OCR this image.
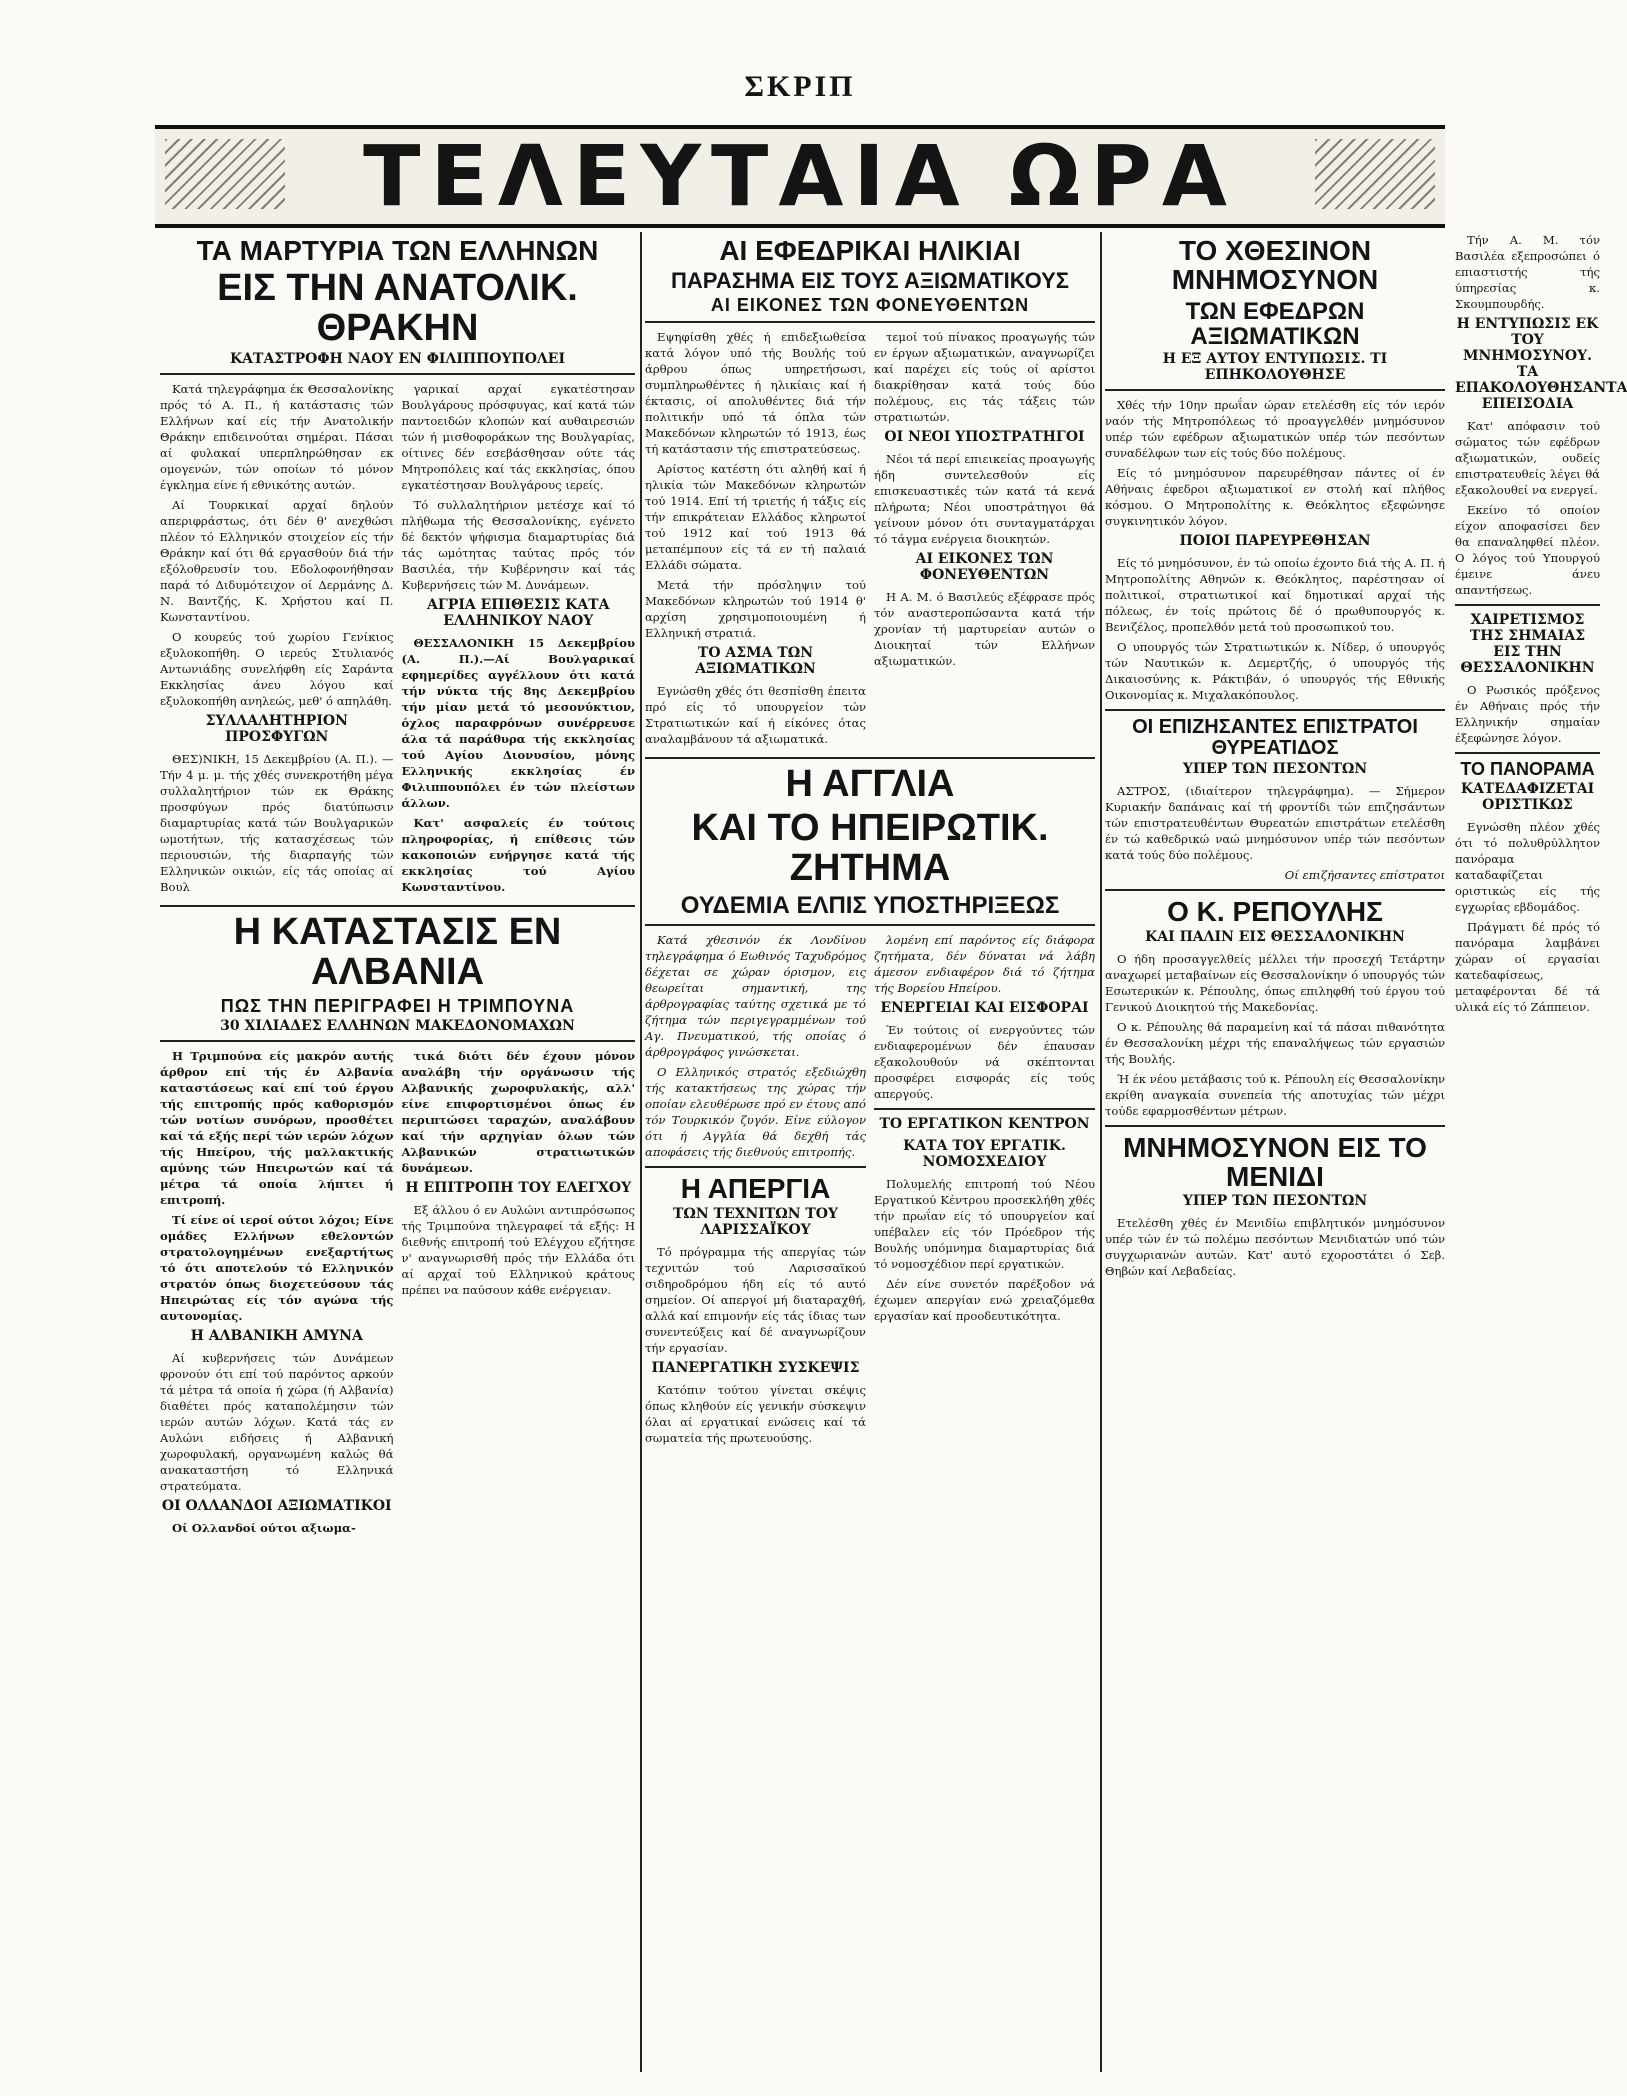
ΣΚΡΙΠ
ΤΕΛΕΥΤΑΙΑ ΩΡΑ
ΤΑ ΜΑΡΤΥΡΙΑ ΤΩΝ ΕΛΛΗΝΩΝ
ΕΙΣ ΤΗΝ ΑΝΑΤΟΛΙΚ. ΘΡΑΚΗΝ
ΚΑΤΑΣΤΡΟΦΗ ΝΑΟΥ ΕΝ ΦΙΛΙΠΠΟΥΠΟΛΕΙ

Κατά τηλεγράφημα έκ Θεσσαλονίκης πρός τό Α. Π., ή κατάστασις τών Ελλήνων καί είς τήν Ανατολικήν Θράκην επιδεινούται σημέραι. Πάσαι αί φυλακαί υπερπληρώθησαν εκ ομογενών, τών οποίων τό μόνον έγκλημα είνε ή εθνικότης αυτών.

Αί Τουρκικαί αρχαί δηλούν απεριφράστως, ότι δέν θ' ανεχθώσι πλέον τό Ελληνικόν στοιχείον είς τήν Θράκην καί ότι θά εργασθούν διά τήν εξόλοθρευσίν του. Εδολοφονήθησαν παρά τό Διδυμότειχον οί Δερμάνης Δ. Ν. Βαντζής, Κ. Χρήστου καί Π. Κωνσταντίνου.

Ο κουρεύς τού χωρίου Γενίκιος εξυλοκοπήθη. Ο ιερεύς Στυλιανός Αντωνιάδης συνελήφθη είς Σαράντα Εκκλησίας άνευ λόγου καί εξυλοκοπήθη ανηλεώς, μεθ' ό απηλάθη.

ΣΥΛΛΑΛΗΤΗΡΙΟΝ ΠΡΟΣΦΥΓΩΝ

ΘΕΣ)ΝΙΚΗ, 15 Δεκεμβρίου (Α. Π.). — Τήν 4 μ. μ. τής χθές συνεκροτήθη μέγα συλλαλητήριον τών εκ Θράκης προσφύγων πρός διατύπωσιν διαμαρτυρίας κατά τών Βουλγαρικών ωμοτήτων, τής κατασχέσεως τών περιουσιών, τής διαρπαγής τών Ελληνικών οικιών, είς τάς οποίας αί Βουλ

γαρικαί αρχαί εγκατέστησαν Βουλγάρους πρόσφυγας, καί κατά τών παντοειδών κλοπών καί αυθαιρεσιών τών ή μισθοφοράκων της Βουλγαρίας, οίτινες δέν εσεβάσθησαν ούτε τάς Μητροπόλεις καί τάς εκκλησίας, όπου εγκατέστησαν Βουλγάρους ιερείς.

Τό συλλαλητήριον μετέσχε καί τό πλήθωμα τής Θεσσαλονίκης, εγένετο δέ δεκτόν ψήφισμα διαμαρτυρίας διά τάς ωμότητας ταύτας πρός τόν Βασιλέα, τήν Κυβέρνησιν καί τάς Κυβερνήσεις τών Μ. Δυνάμεων.

ΑΓΡΙΑ ΕΠΙΘΕΣΙΣ ΚΑΤΑ ΕΛΛΗΝΙΚΟΥ ΝΑΟΥ

ΘΕΣΣΑΛΟΝΙΚΗ 15 Δεκεμβρίου (Α. Π.).—Αί Βουλγαρικαί εφημερίδες αγγέλλουν ότι κατά τήν νύκτα τής 8ης Δεκεμβρίου τήν μίαν μετά τό μεσονύκτιον, όχλος παραφρόνων συνέρρευσε άλα τά παράθυρα τής εκκλησίας τού Αγίου Διονυσίου, μόνης Ελληνικής εκκλησίας έν Φιλιππουπόλει έν τών πλείστων άλλων.

Κατ' ασφαλείς έν τούτοις πληροφορίας, ή επίθεσις τών κακοποιών ενήργησε κατά τής εκκλησίας τού Αγίου Κωνσταντίνου.

Η ΚΑΤΑΣΤΑΣΙΣ ΕΝ ΑΛΒΑΝΙΑ
ΠΩΣ ΤΗΝ ΠΕΡΙΓΡΑΦΕΙ Η ΤΡΙΜΠΟΥΝΑ
30 ΧΙΛΙΑΔΕΣ ΕΛΛΗΝΩΝ ΜΑΚΕΔΟΝΟΜΑΧΩΝ

Η Τριμπούνα είς μακρόν αυτής άρθρον επί τής έν Αλβανία καταστάσεως καί επί τού έργου τής επιτροπής πρός καθορισμόν τών νοτίων συνόρων, προσθέτει καί τά εξής περί τών ιερών λόχων τής Ηπείρου, τής μαλλακτικής αμύνης τών Ηπειρωτών καί τά μέτρα τά οποία λήπτει ή επιτροπή.

Τί είνε οί ιεροί ούτοι λόχοι; Είνε ομάδες Ελλήνων εθελοντών στρατολογημένων ενεξαρτήτως τό ότι αποτελούν τό Ελληνικόν στρατόν όπως διοχετεύσουν τάς Ηπειρώτας είς τόν αγώνα τής αυτονομίας.

Η ΑΛΒΑΝΙΚΗ ΑΜΥΝΑ

Αί κυβερνήσεις τών Δυνάμεων φρονούν ότι επί τού παρόντος αρκούν τά μέτρα τά οποία ή χώρα (ή Αλβανία) διαθέτει πρός καταπολέμησιν τών ιερών αυτών λόχων. Κατά τάς εν Αυλώνι ειδήσεις ή Αλβανική χωροφυλακή, οργανωμένη καλώς θά ανακαταστήση τό Ελληνικά στρατεύματα.

ΟΙ ΟΛΛΑΝΔΟΙ ΑΞΙΩΜΑΤΙΚΟΙ

Οί Ολλανδοί ούτοι αξιωμα-

τικά διότι δέν έχουν μόνον αναλάβη τήν οργάνωσιν τής Αλβανικής χωροφυλακής, αλλ' είνε επιφορτισμένοι όπως έν περιπτώσει ταραχών, αναλάβουν καί τήν αρχηγίαν όλων τών Αλβανικών στρατιωτικών δυνάμεων.

Η ΕΠΙΤΡΟΠΗ ΤΟΥ ΕΛΕΓΧΟΥ

Εξ άλλου ό εν Αυλώνι αντιπρόσωπος τής Τριμπούνα τηλεγραφεί τά εξής: Η διεθνής επιτροπή τού Ελέγχου εζήτησε ν' αναγνωρισθή πρός τήν Ελλάδα ότι αί αρχαί τού Ελληνικού κράτους πρέπει να παύσουν κάθε ενέργειαν.

ΑΙ ΕΦΕΔΡΙΚΑΙ ΗΛΙΚΙΑΙ
ΠΑΡΑΣΗΜΑ ΕΙΣ ΤΟΥΣ ΑΞΙΩΜΑΤΙΚΟΥΣ
ΑΙ ΕΙΚΟΝΕΣ ΤΩΝ ΦΟΝΕΥΘΕΝΤΩΝ

Εψηφίσθη χθές ή επιδεξιωθείσα κατά λόγον υπό τής Βουλής τού άρθρου όπως υπηρετήσωσι, συμπληρωθέντες ή ηλικίαις καί ή έκτασις, οί απολυθέντες διά τήν πολιτικήν υπό τά όπλα τών Μακεδόνων κληρωτών τό 1913, έως τή κατάστασιν τής επιστρατεύσεως.

Αρίστος κατέστη ότι αληθή καί ή ηλικία τών Μακεδόνων κληρωτών τού 1914. Επί τή τριετής ή τάξις είς τήν επικράτειαν Ελλάδος κληρωτοί τού 1912 καί τού 1913 θά μεταπέμπουν είς τά εν τή παλαιά Ελλάδι σώματα.

Μετά τήν πρόσληψιν τού Μακεδόνων κληρωτών τού 1914 θ' αρχίση χρησιμοποιουμένη ή Ελληνική στρατιά.

ΤΟ ΑΣΜΑ ΤΩΝ ΑΞΙΩΜΑΤΙΚΩΝ

Εγνώσθη χθές ότι θεσπίσθη έπειτα πρό είς τό υπουργείον τών Στρατιωτικών καί ή είκόνες ότας αναλαμβάνουν τά αξιωματικά.

τεμοί τού πίνακος προαγωγής τών εν έργων αξιωματικών, αναγνωρίζει καί παρέχει είς τούς οί αρίστοι διακρίθησαν κατά τούς δύο πολέμους, εις τάς τάξεις τών στρατιωτών.

ΟΙ ΝΕΟΙ ΥΠΟΣΤΡΑΤΗΓΟΙ

Νέοι τά περί επιεικείας προαγωγής ήδη συντελεσθούν είς επισκευαστικές τών κατά τά κενά πλήρωτα; Νέοι υποστράτηγοι θά γείνουν μόνον ότι συνταγματάρχαι τό τάγμα ενέργεια διοικητών.

ΑΙ ΕΙΚΟΝΕΣ ΤΩΝ ΦΟΝΕΥΘΕΝΤΩΝ

Η Α. Μ. ό Βασιλεύς εξέφρασε πρός τόν αναστεροπώσαντα κατά τήν χρονίαν τή μαρτυρείαν αυτών ο Διοικηταί τών Ελλήνων αξιωματικών.

Η ΑΓΓΛΙΑ
ΚΑΙ ΤΟ ΗΠΕΙΡΩΤΙΚ. ΖΗΤΗΜΑ
ΟΥΔΕΜΙΑ ΕΛΠΙΣ ΥΠΟΣΤΗΡΙΞΕΩΣ

Κατά χθεσινόν έκ Λονδίνου τηλεγράφημα ό Εωθινός Ταχυδρόμος δέχεται σε χώραν όρισμον, εις θεωρείται σημαντική, της άρθρογραφίας ταύτης σχετικά με τό ζήτημα τών περιγεγραμμένων τού Αγ. Πνευματικού, τής οποίας ό άρθρογράφος γινώσκεται.

Ο Ελληνικός στρατός εξεδιώχθη τής κατακτήσεως της χώρας τήν οποίαν ελευθέρωσε πρό εν έτους από τόν Τουρκικόν ζυγόν. Είνε εύλογον ότι ή Αγγλία θά δεχθή τάς αποφάσεις τής διεθνούς επιτροπής.

Η ΑΠΕΡΓΙΑ
ΤΩΝ ΤΕΧΝΙΤΩΝ ΤΟΥ ΛΑΡΙΣΣΑΪΚΟΥ

Τό πρόγραμμα τής απεργίας τών τεχνιτών τού Λαρισσαϊκού σιδηροδρόμου ήδη είς τό αυτό σημείον. Οί απεργοί μή διαταραχθή, αλλά καί επιμονήν είς τάς ίδιας των συνεντεύξεις καί δέ αναγνωρίζουν τήν εργασίαν.

ΠΑΝΕΡΓΑΤΙΚΗ ΣΥΣΚΕΨΙΣ

Κατόπιν τούτου γίνεται σκέψις όπως κληθούν είς γενικήν σύσκεψιν όλαι αί εργατικαί ενώσεις καί τά σωματεία τής πρωτευούσης.

λομένη επί παρόντος είς διάφορα ζητήματα, δέν δύναται νά λάβη άμεσον ενδιαφέρον διά τό ζήτημα τής Βορείου Ηπείρου.

ΕΝΕΡΓΕΙΑΙ ΚΑΙ ΕΙΣΦΟΡΑΙ

Έν τούτοις οί ενεργούντες τών ενδιαφερομένων δέν έπαυσαν εξακολουθούν νά σκέπτονται προσφέρει εισφοράς είς τούς απεργούς.

ΤΟ ΕΡΓΑΤΙΚΟΝ ΚΕΝΤΡΟΝ
ΚΑΤΑ ΤΟΥ ΕΡΓΑΤΙΚ. ΝΟΜΟΣΧΕΔΙΟΥ

Πολυμελής επιτροπή τού Νέου Εργατικού Κέντρου προσεκλήθη χθές τήν πρωΐαν είς τό υπουργείον καί υπέβαλεν είς τόν Πρόεδρον τής Βουλής υπόμνημα διαμαρτυρίας διά τό νομοσχέδιον περί εργατικών.

Δέν είνε συνετόν παρέξοδον νά έχωμεν απεργίαν ενώ χρειαζόμεθα εργασίαν καί προοδευτικότητα.

ΤΟ ΧΘΕΣΙΝΟΝ ΜΝΗΜΟΣΥΝΟΝ
ΤΩΝ ΕΦΕΔΡΩΝ ΑΞΙΩΜΑΤΙΚΩΝ
Η ΕΞ ΑΥΤΟΥ ΕΝΤΥΠΩΣΙΣ. ΤΙ ΕΠΗΚΟΛΟΥΘΗΣΕ

Χθές τήν 10ην πρωΐαν ώραν ετελέσθη είς τόν ιερόν ναόν τής Μητροπόλεως τό προαγγελθέν μνημόσυνον υπέρ τών εφέδρων αξιωματικών υπέρ τών πεσόντων συναδέλφων των είς τούς δύο πολέμους.

Είς τό μνημόσυνον παρευρέθησαν πάντες οί έν Αθήναις έφεδροι αξιωματικοί εν στολή καί πλήθος κόσμου. Ο Μητροπολίτης κ. Θεόκλητος εξεφώνησε συγκινητικόν λόγον.

ΠΟΙΟΙ ΠΑΡΕΥΡΕΘΗΣΑΝ

Είς τό μνημόσυνον, έν τώ οποίω έχοντο διά τής A. Π. ή Μητροπολίτης Αθηνών κ. Θεόκλητος, παρέστησαν οί πολιτικοί, στρατιωτικοί καί δημοτικαί αρχαί τής πόλεως, έν τοίς πρώτοις δέ ό πρωθυπουργός κ. Βενιζέλος, προπελθόν μετά τού προσωπικού του.

Ο υπουργός τών Στρατιωτικών κ. Νίδερ, ό υπουργός τών Ναυτικών κ. Δεμερτζής, ό υπουργός τής Δικαιοσύνης κ. Ράκτιβάν, ό υπουργός τής Εθνικής Οικονομίας κ. Μιχαλακόπουλος.

ΟΙ ΕΠΙΖΗΣΑΝΤΕΣ ΕΠΙΣΤΡΑΤΟΙ ΘΥΡΕΑΤΙΔΟΣ
ΥΠΕΡ ΤΩΝ ΠΕΣΟΝΤΩΝ

ΑΣΤΡΟΣ, (ιδιαίτερον τηλεγράφημα). — Σήμερον Κυριακήν δαπάναις καί τή φροντίδι τών επιζησάντων τών επιστρατευθέντων Θυρεατών επιστράτων ετελέσθη έν τώ καθεδρικώ ναώ μνημόσυνον υπέρ τών πεσόντων κατά τούς δύο πολέμους.

Οί επιζήσαντες επίστρατοι

Ο Κ. ΡΕΠΟΥΛΗΣ
ΚΑΙ ΠΑΛΙΝ ΕΙΣ ΘΕΣΣΑΛΟΝΙΚΗΝ

Ο ήδη προσαγγελθείς μέλλει τήν προσεχή Τετάρτην αναχωρεί μεταβαίνων είς Θεσσαλονίκην ό υπουργός τών Εσωτερικών κ. Ρέπουλης, όπως επιληφθή τού έργου τού Γενικού Διοικητού τής Μακεδονίας.

Ο κ. Ρέπουλης θά παραμείνη καί τά πάσαι πιθανότητα έν Θεσσαλονίκη μέχρι τής επαναλήψεως τών εργασιών τής Βουλής.

Ή έκ νέου μετάβασις τού κ. Ρέπουλη είς Θεσσαλονίκην εκρίθη αναγκαία συνεπεία τής αποτυχίας τών μέχρι τούδε εφαρμοσθέντων μέτρων.

ΜΝΗΜΟΣΥΝΟΝ ΕΙΣ ΤΟ ΜΕΝΙΔΙ
ΥΠΕΡ ΤΩΝ ΠΕΣΟΝΤΩΝ

Ετελέσθη χθές έν Μενιδίω επιβλητικόν μνημόσυνον υπέρ τών έν τώ πολέμω πεσόντων Μενιδιατών υπό τών συγχωριανών αυτών. Κατ' αυτό εχοροστάτει ό Σεβ. Θηβών καί Λεβαδείας.

Τήν Α. Μ. τόν Βασιλέα εξεπροσώπει ό επιαστιστής τής ύπηρεσίας κ. Σκουμπουρδής.

Η ΕΝΤΥΠΩΣΙΣ ΕΚ ΤΟΥ ΜΝΗΜΟΣΥΝΟΥ. ΤΑ ΕΠΑΚΟΛΟΥΘΗΣΑΝΤΑ ΕΠΕΙΣΟΔΙΑ

Κατ' απόφασιν τού σώματος τών εφέδρων αξιωματικών, ουδείς επιστρατευθείς λέγει θά εξακολουθεί να ενεργεί.

Εκείνο τό οποίον είχον αποφασίσει δεν θα επαναληφθεί πλέον. Ο λόγος τού Υπουργού έμεινε άνευ απαντήσεως.

ΧΑΙΡΕΤΙΣΜΟΣ ΤΗΣ ΣΗΜΑΙΑΣ ΕΙΣ ΤΗΝ ΘΕΣΣΑΛΟΝΙΚΗΝ

Ο Ρωσικός πρόξενος έν Αθήναις πρός τήν Ελληνικήν σημαίαν έξεφώνησε λόγον.

ΤΟ ΠΑΝΟΡΑΜΑ
ΚΑΤΕΔΑΦΙΖΕΤΑΙ ΟΡΙΣΤΙΚΩΣ

Εγνώσθη πλέον χθές ότι τό πολυθρύλλητον πανόραμα καταδαφίζεται οριστικώς είς τής εγχωρίας εβδομάδος.

Πράγματι δέ πρός τό πανόραμα λαμβάνει χώραν οί εργασίαι κατεδαφίσεως, μεταφέρονται δέ τά υλικά είς τό Ζάππειον.
